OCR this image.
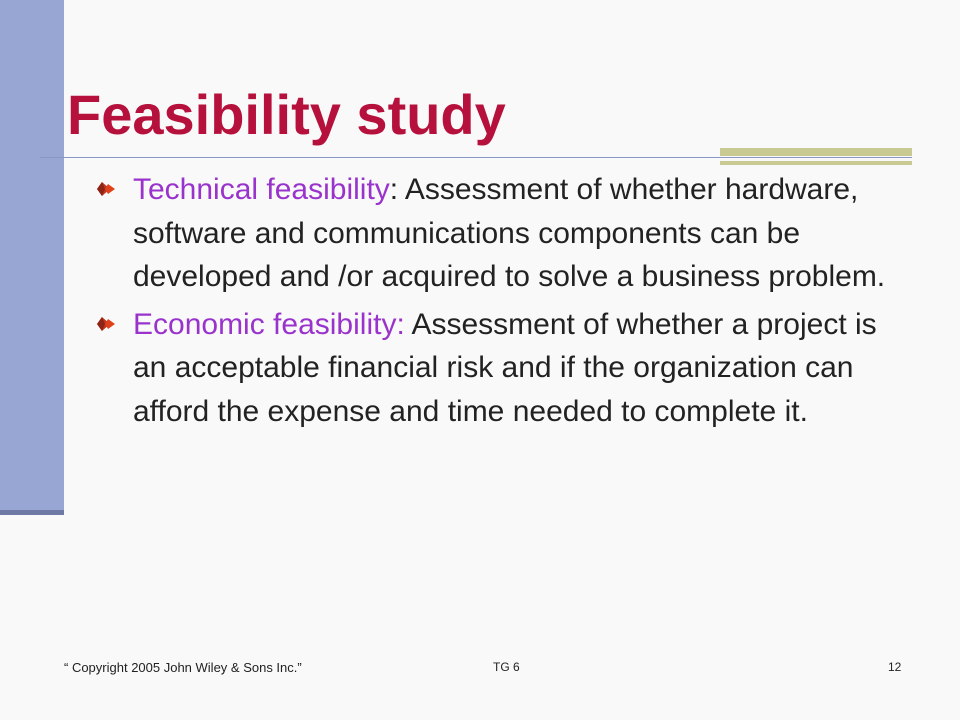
Feasibility study
Technical feasibility: Assessment of whether hardware, software and communications components can be developed and /or acquired to solve a business problem.
Economic feasibility: Assessment of whether a project is an acceptable financial risk and if the organization can afford the expense and time needed to complete it.
“ Copyright 2005 John Wiley & Sons Inc.”	TG 6	12
